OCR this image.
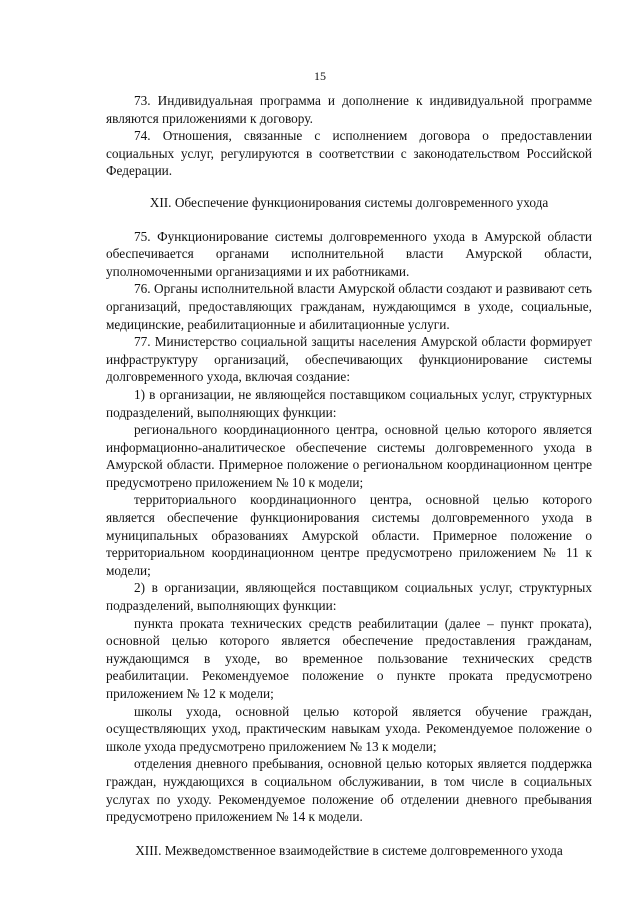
15

73. Индивидуальная программа и дополнение к индивидуальной программе являются приложениями к договору.

74. Отношения, связанные с исполнением договора о предоставлении социальных услуг, регулируются в соответствии с законодательством Российской Федерации.

XII. Обеспечение функционирования системы долговременного ухода

75. Функционирование системы долговременного ухода в Амурской области обеспечивается органами исполнительной власти Амурской области, уполномоченными организациями и их работниками.

76. Органы исполнительной власти Амурской области создают и развивают сеть организаций, предоставляющих гражданам, нуждающимся в уходе, социальные, медицинские, реабилитационные и абилитационные услуги.

77. Министерство социальной защиты населения Амурской области формирует инфраструктуру организаций, обеспечивающих функционирование системы долговременного ухода, включая создание:

1) в организации, не являющейся поставщиком социальных услуг, структурных подразделений, выполняющих функции:

регионального координационного центра, основной целью которого является информационно-аналитическое обеспечение системы долговременного ухода в Амурской области. Примерное положение о региональном координационном центре предусмотрено приложением № 10 к модели;

территориального координационного центра, основной целью которого является обеспечение функционирования системы долговременного ухода в муниципальных образованиях Амурской области. Примерное положение о территориальном координационном центре предусмотрено приложением № 11 к модели;

2) в организации, являющейся поставщиком социальных услуг, структурных подразделений, выполняющих функции:

пункта проката технических средств реабилитации (далее – пункт проката), основной целью которого является обеспечение предоставления гражданам, нуждающимся в уходе, во временное пользование технических средств реабилитации. Рекомендуемое положение о пункте проката предусмотрено приложением № 12 к модели;

школы ухода, основной целью которой является обучение граждан, осуществляющих уход, практическим навыкам ухода. Рекомендуемое положение о школе ухода предусмотрено приложением № 13 к модели;

отделения дневного пребывания, основной целью которых является поддержка граждан, нуждающихся в социальном обслуживании, в том числе в социальных услугах по уходу. Рекомендуемое положение об отделении дневного пребывания предусмотрено приложением № 14 к модели.

XIII. Межведомственное взаимодействие в системе долговременного ухода
